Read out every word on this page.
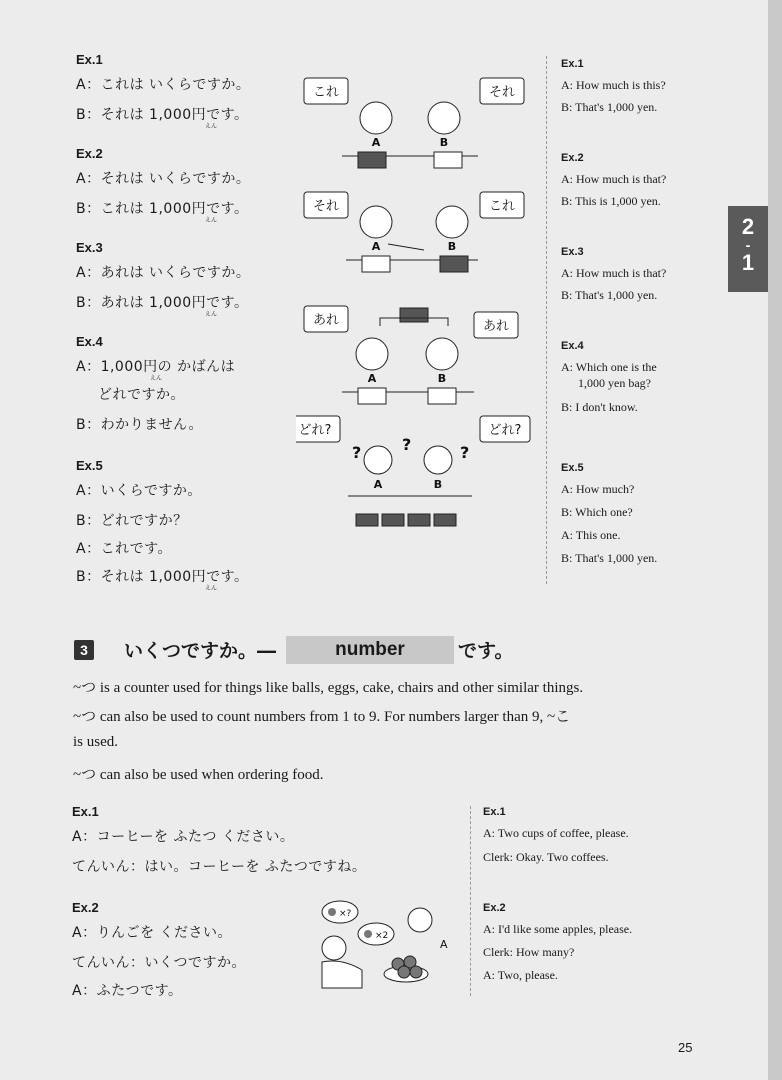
2
-
1
Ex.1
A：これは いくらですか。
B：それは 1,000円です。
えん
Ex.2
A：それは いくらですか。
B：これは 1,000円です。
えん
Ex.3
A：あれは いくらですか。
B：あれは 1,000円です。
えん
Ex.4
A：1,000円の かばんは
えん
どれですか。
B：わかりません。
Ex.5
A：いくらですか。
B：どれですか？
A：これです。
B：それは 1,000円です。
えん
これ	それ
A	B
それ	これ
A	B
あれ	あれ
A	B
どれ?	どれ?
?	?	?
A	B
Ex.1
A: How much is this?
B: That's 1,000 yen.
Ex.2
A: How much is that?
B: This is 1,000 yen.
Ex.3
A: How much is that?
B: That's 1,000 yen.
Ex.4
A: Which one is the
1,000 yen bag?
B: I don't know.
Ex.5
A: How much?
B: Which one?
A: This one.
B: That's 1,000 yen.
3	いくつですか。―	number	です。
~つ is a counter used for things like balls, eggs, cake, chairs and other similar things.
~つ can also be used to count numbers from 1 to 9. For numbers larger than 9, ~こ
is used.
~つ can also be used when ordering food.
Ex.1
A：コーヒーを ふたつ ください。
てんいん：はい。コーヒーを ふたつですね。
Ex.2
A：りんごを ください。
てんいん：いくつですか。
A：ふたつです。
×?
×2
A
Ex.1
A: Two cups of coffee, please.
Clerk: Okay. Two coffees.
Ex.2
A: I'd like some apples, please.
Clerk: How many?
A: Two, please.
25
